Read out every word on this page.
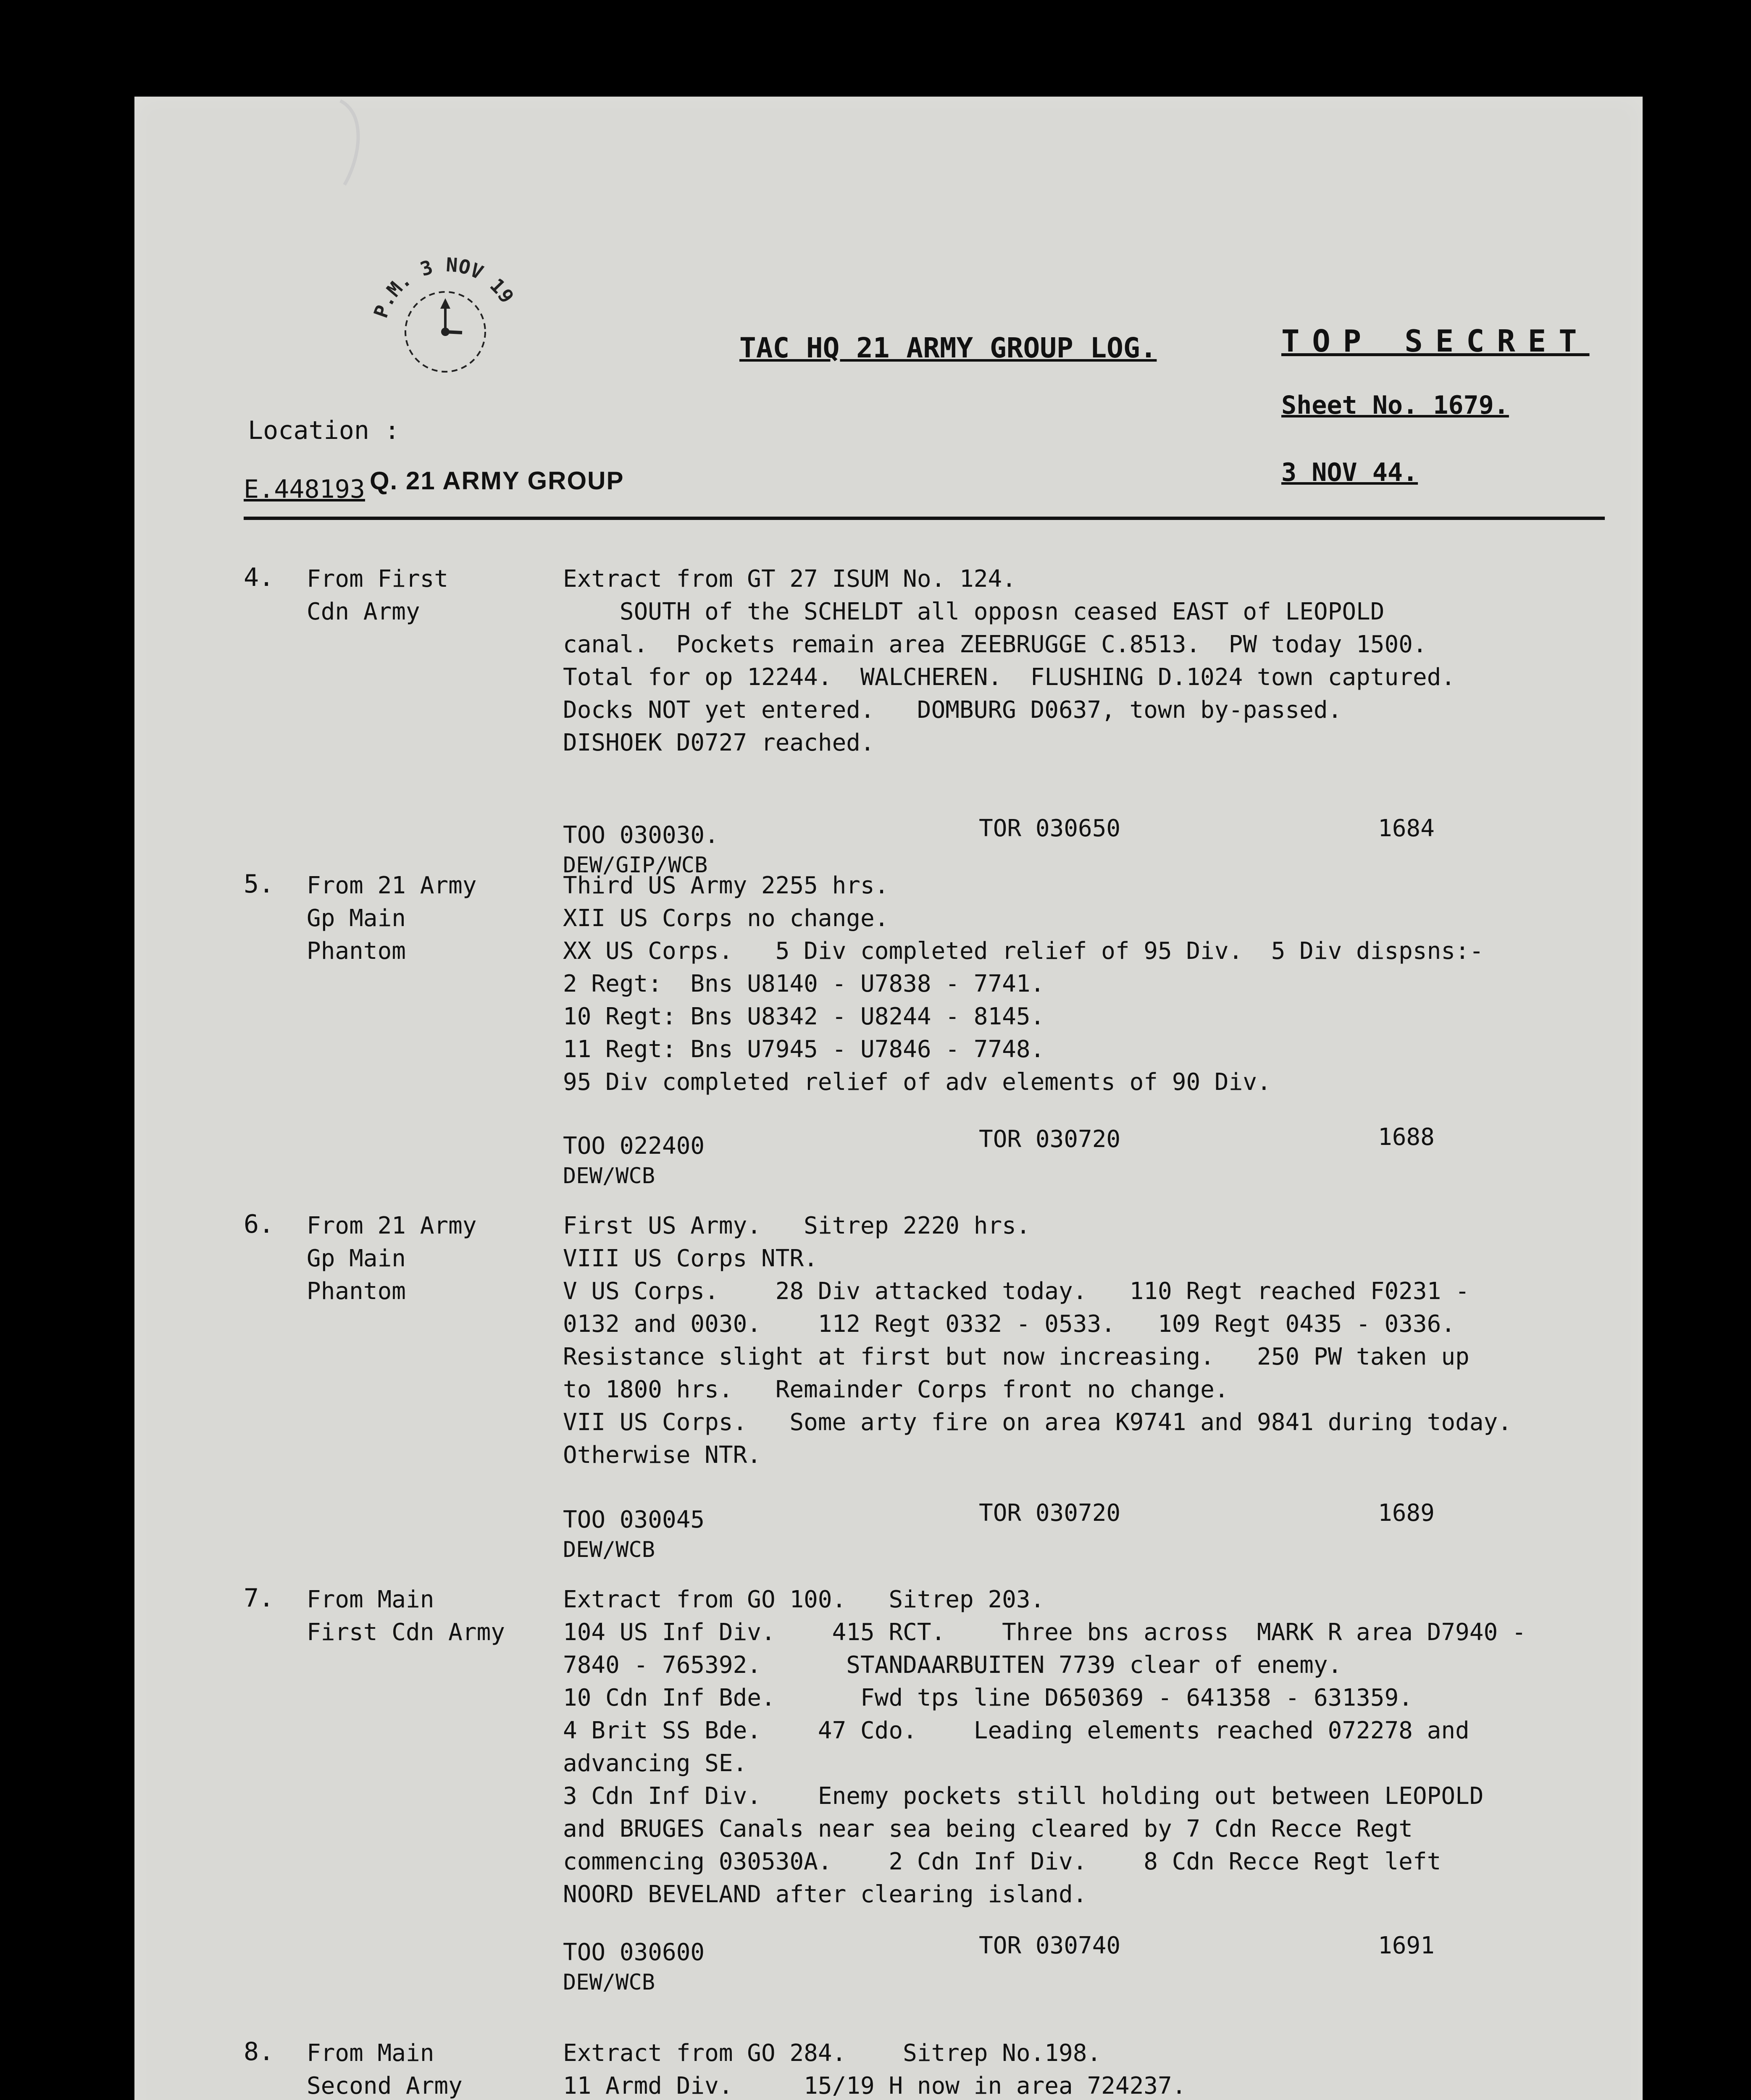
P.M. 3 NOV 19
TAC HQ 21 ARMY GROUP LOG.	TOP SECRET
Sheet No. 1679.
3 NOV 44.
Location :
E.448193 Q. 21 ARMY GROUP
4. From First
Cdn Army
Extract from GT 27 ISUM No. 124.
SOUTH of the SCHELDT all opposn ceased EAST of LEOPOLD
canal.  Pockets remain area ZEEBRUGGE C.8513.  PW today 1500.
Total for op 12244.  WALCHEREN.  FLUSHING D.1024 town captured.
Docks NOT yet entered.   DOMBURG D0637, town by-passed.
DISHOEK D0727 reached.
TOO 030030.	TOR 030650	1684
DEW/GIP/WCB
5. From 21 Army
Gp Main
Phantom
Third US Army 2255 hrs.
XII US Corps no change.
XX US Corps.   5 Div completed relief of 95 Div.  5 Div dispsns:-
2 Regt:  Bns U8140 - U7838 - 7741.
10 Regt: Bns U8342 - U8244 - 8145.
11 Regt: Bns U7945 - U7846 - 7748.
95 Div completed relief of adv elements of 90 Div.
TOO 022400	TOR 030720	1688
DEW/WCB
6. From 21 Army
Gp Main
Phantom
First US Army.   Sitrep 2220 hrs.
VIII US Corps NTR.
V US Corps.    28 Div attacked today.   110 Regt reached F0231 -
0132 and 0030.    112 Regt 0332 - 0533.   109 Regt 0435 - 0336.
Resistance slight at first but now increasing.   250 PW taken up
to 1800 hrs.   Remainder Corps front no change.
VII US Corps.   Some arty fire on area K9741 and 9841 during today.
Otherwise NTR.
TOO 030045	TOR 030720	1689
DEW/WCB
7. From Main
First Cdn Army
Extract from GO 100.   Sitrep 203.
104 US Inf Div.    415 RCT.    Three bns across  MARK R area D7940 -
7840 - 765392.      STANDAARBUITEN 7739 clear of enemy.
10 Cdn Inf Bde.      Fwd tps line D650369 - 641358 - 631359.
4 Brit SS Bde.    47 Cdo.    Leading elements reached 072278 and
advancing SE.
3 Cdn Inf Div.    Enemy pockets still holding out between LEOPOLD
and BRUGES Canals near sea being cleared by 7 Cdn Recce Regt
commencing 030530A.    2 Cdn Inf Div.    8 Cdn Recce Regt left
NOORD BEVELAND after clearing island.
TOO 030600	TOR 030740	1691
DEW/WCB
8. From Main
Second Army
Extract from GO 284.    Sitrep No.198.
11 Armd Div.     15/19 H now in area 724237.
